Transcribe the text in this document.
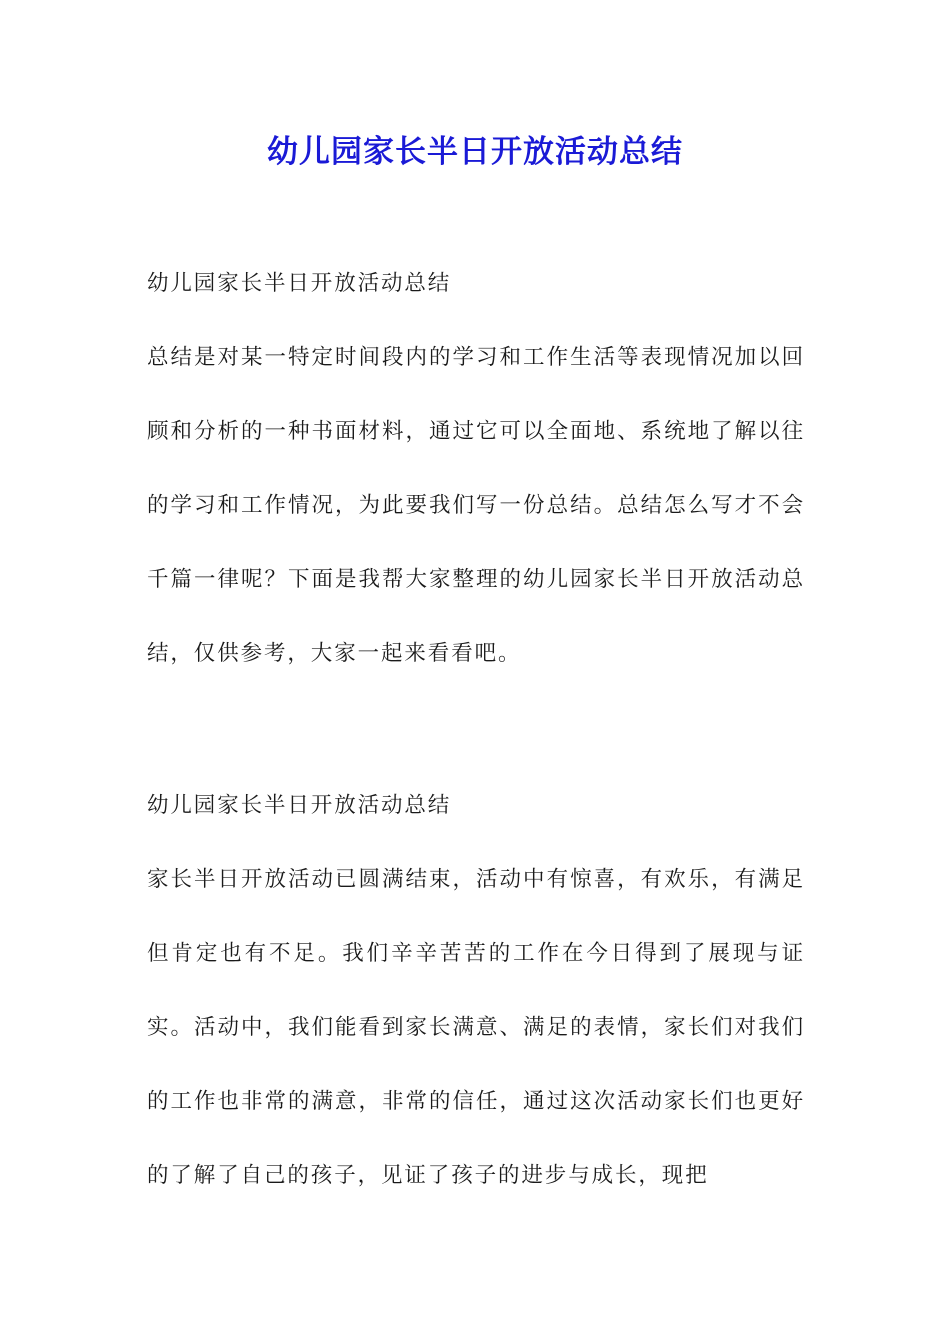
幼儿园家长半日开放活动总结

幼儿园家长半日开放活动总结

总结是对某一特定时间段内的学习和工作生活等表现情况加以回顾和分析的一种书面材料，通过它可以全面地、系统地了解以往的学习和工作情况，为此要我们写一份总结。总结怎么写才不会千篇一律呢？下面是我帮大家整理的幼儿园家长半日开放活动总结，仅供参考，大家一起来看看吧。

幼儿园家长半日开放活动总结

家长半日开放活动已圆满结束，活动中有惊喜，有欢乐，有满足但肯定也有不足。我们辛辛苦苦的工作在今日得到了展现与证实。活动中，我们能看到家长满意、满足的表情，家长们对我们的工作也非常的满意，非常的信任，通过这次活动家长们也更好的了解了自己的孩子，见证了孩子的进步与成长，现把
